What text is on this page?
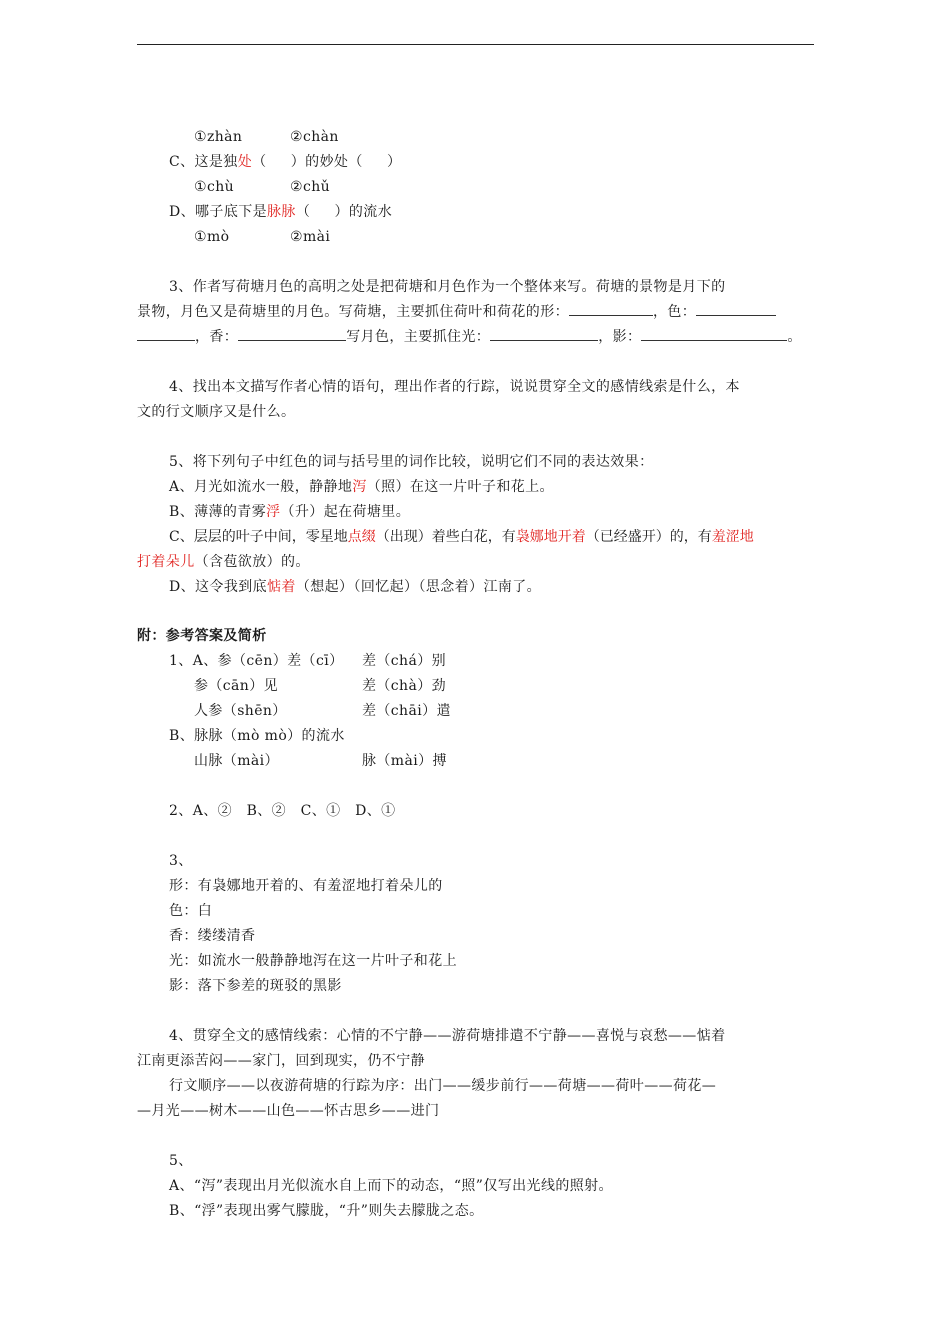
①zhàn	②chàn
C、这是独处（     ）的妙处（     ）
①chù	②chǔ
D、哪子底下是脉脉（     ）的流水
①mò	②mài
3、作者写荷塘月色的高明之处是把荷塘和月色作为一个整体来写。荷塘的景物是月下的
景物，月色又是荷塘里的月色。写荷塘，主要抓住荷叶和荷花的形：	，色：
，香：	写月色，主要抓住光：	，影：	。
4、找出本文描写作者心情的语句，理出作者的行踪，说说贯穿全文的感情线索是什么，本
文的行文顺序又是什么。
5、将下列句子中红色的词与括号里的词作比较，说明它们不同的表达效果：
A、月光如流水一般，静静地泻（照）在这一片叶子和花上。
B、薄薄的青雾浮（升）起在荷塘里。
C、层层的叶子中间，零星地点缀（出现）着些白花，有袅娜地开着（已经盛开）的，有羞涩地
打着朵儿（含苞欲放）的。
D、这令我到底惦着（想起）（回忆起）（思念着）江南了。
附：参考答案及简析
1、A、参（cēn）差（cī） 差（chá）别
参（cān）见	差（chà）劲
人参（shēn）	差（chāi）遣
B、脉脉（mò mò）的流水
山脉（mài）	脉（mài）搏
2、A、②   B、②   C、①   D、①
3、
形：有袅娜地开着的、有羞涩地打着朵儿的
色：白
香：缕缕清香
光：如流水一般静静地泻在这一片叶子和花上
影：落下参差的斑驳的黑影
4、贯穿全文的感情线索：心情的不宁静——游荷塘排遣不宁静——喜悦与哀愁——惦着
江南更添苦闷——家门，回到现实，仍不宁静
行文顺序——以夜游荷塘的行踪为序：出门——缓步前行——荷塘——荷叶——荷花—
—月光——树木——山色——怀古思乡——进门
5、
A、“泻”表现出月光似流水自上而下的动态，“照”仅写出光线的照射。
B、“浮”表现出雾气朦胧，“升”则失去朦胧之态。
